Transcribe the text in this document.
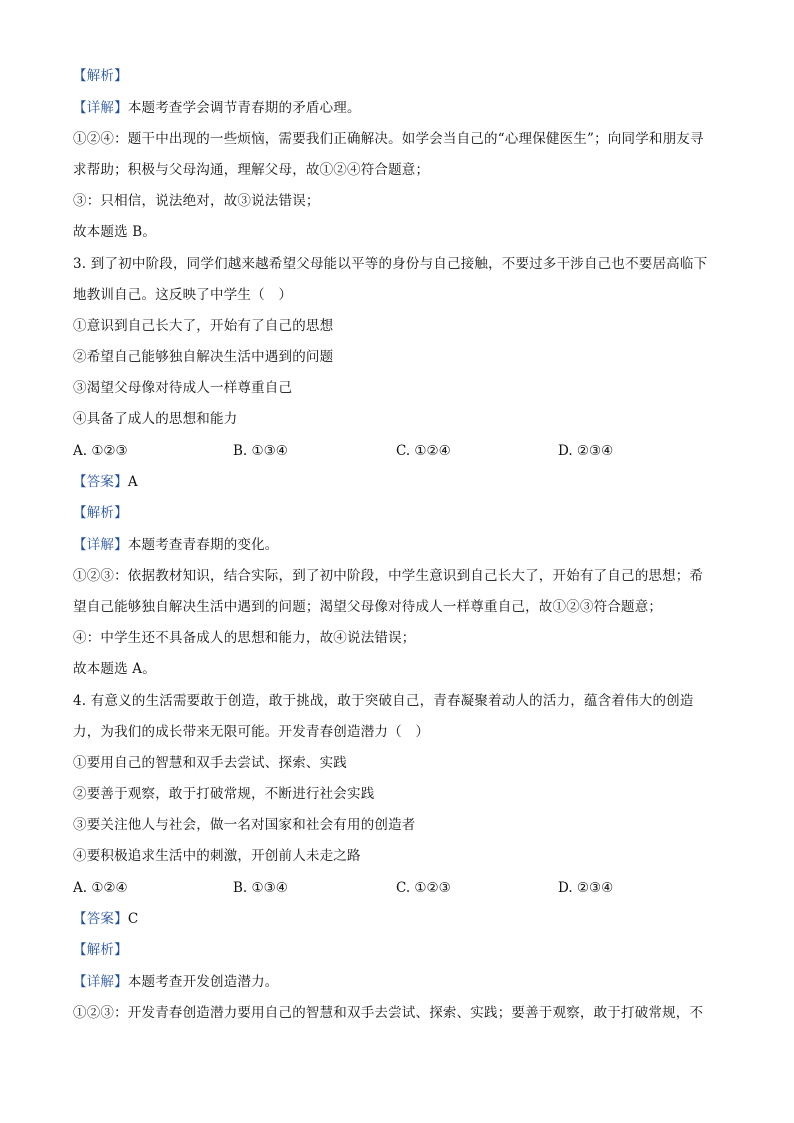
【解析】
【详解】本题考查学会调节青春期的矛盾心理。
①②④：题干中出现的一些烦恼，需要我们正确解决。如学会当自己的“心理保健医生”；向同学和朋友寻
求帮助；积极与父母沟通，理解父母，故①②④符合题意；
③：只相信，说法绝对，故③说法错误；
故本题选 B。
3. 到了初中阶段，同学们越来越希望父母能以平等的身份与自己接触，不要过多干涉自己也不要居高临下
地教训自己。这反映了中学生（　）
①意识到自己长大了，开始有了自己的思想
②希望自己能够独自解决生活中遇到的问题
③渴望父母像对待成人一样尊重自己
④具备了成人的思想和能力
A. ①②③	B. ①③④	C. ①②④	D. ②③④
【答案】A
【解析】
【详解】本题考查青春期的变化。
①②③：依据教材知识，结合实际，到了初中阶段，中学生意识到自己长大了，开始有了自己的思想；希
望自己能够独自解决生活中遇到的问题；渴望父母像对待成人一样尊重自己，故①②③符合题意；
④：中学生还不具备成人的思想和能力，故④说法错误；
故本题选 A。
4. 有意义的生活需要敢于创造，敢于挑战，敢于突破自己，青春凝聚着动人的活力，蕴含着伟大的创造
力，为我们的成长带来无限可能。开发青春创造潜力（　）
①要用自己的智慧和双手去尝试、探索、实践
②要善于观察，敢于打破常规，不断进行社会实践
③要关注他人与社会，做一名对国家和社会有用的创造者
④要积极追求生活中的刺激，开创前人未走之路
A. ①②④	B. ①③④	C. ①②③	D. ②③④
【答案】C
【解析】
【详解】本题考查开发创造潜力。
①②③：开发青春创造潜力要用自己的智慧和双手去尝试、探索、实践；要善于观察，敢于打破常规，不
